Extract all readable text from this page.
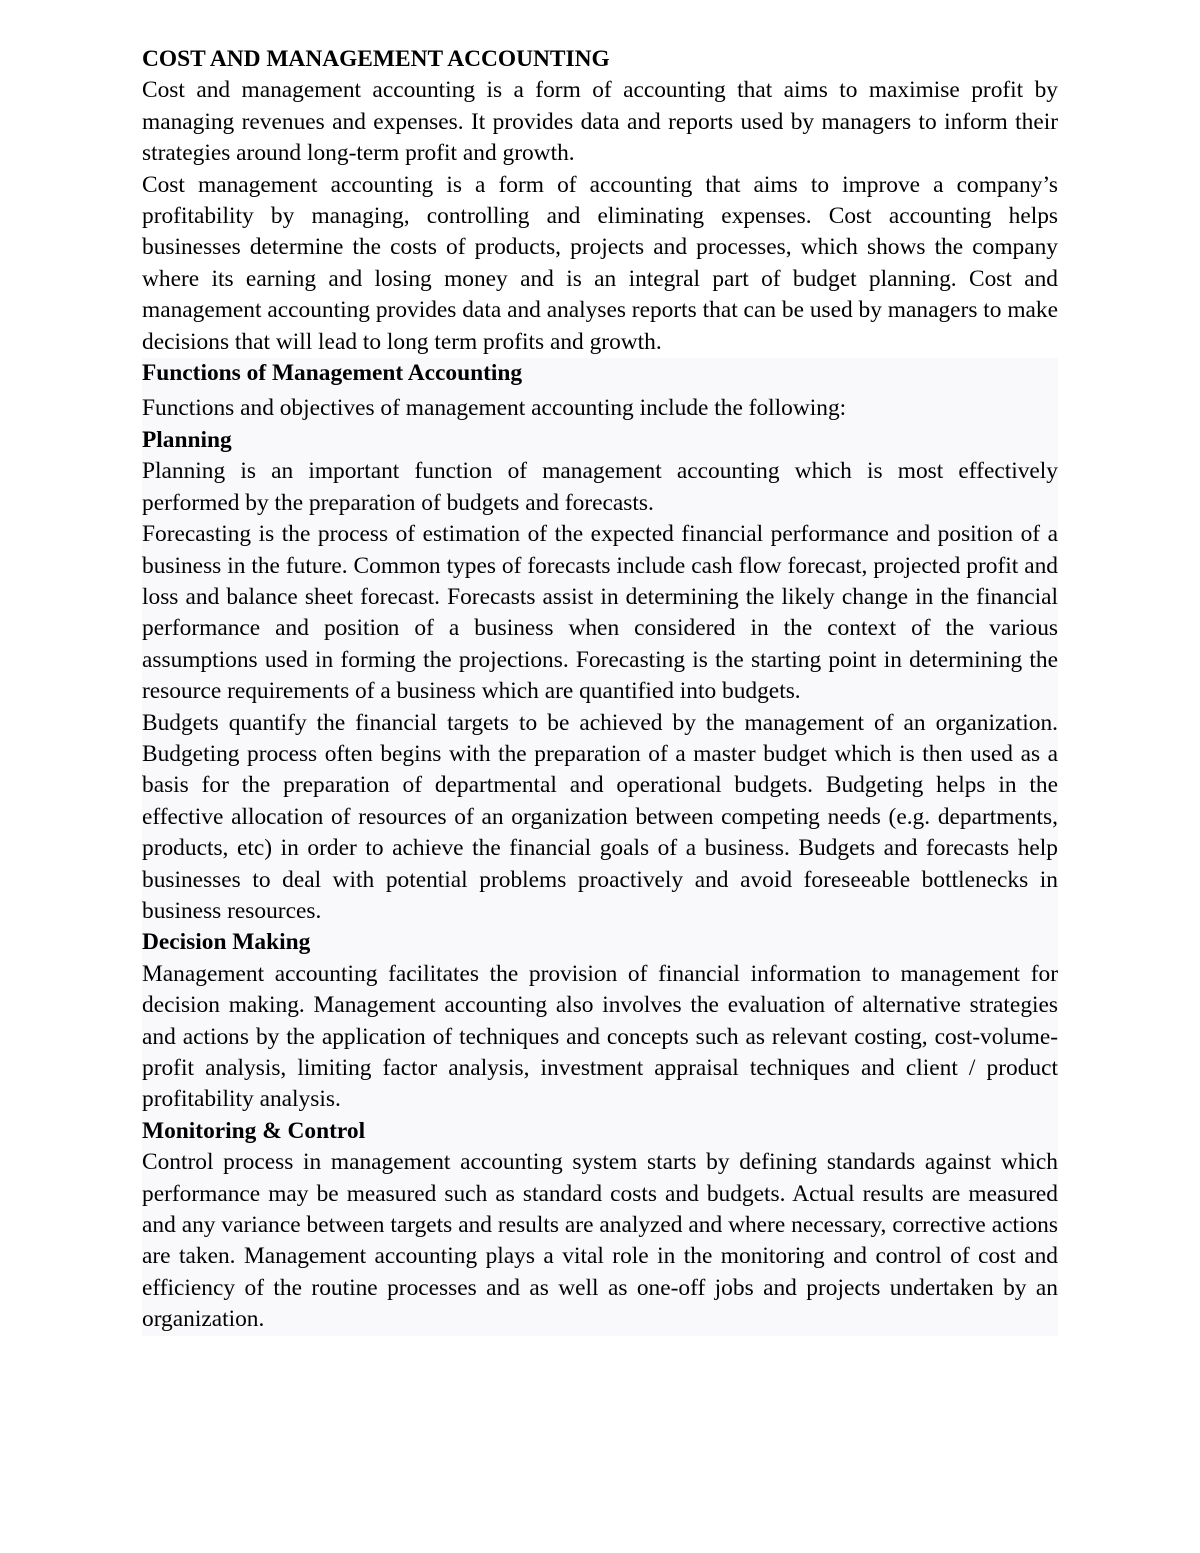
COST AND MANAGEMENT ACCOUNTING

Cost and management accounting is a form of accounting that aims to maximise profit by managing revenues and expenses. It provides data and reports used by managers to inform their strategies around long-term profit and growth.

Cost management accounting is a form of accounting that aims to improve a company’s profitability by managing, controlling and eliminating expenses. Cost accounting helps businesses determine the costs of products, projects and processes, which shows the company where its earning and losing money and is an integral part of budget planning. Cost and management accounting provides data and analyses reports that can be used by managers to make decisions that will lead to long term profits and growth.

Functions of Management Accounting

Functions and objectives of management accounting include the following:

Planning

Planning is an important function of management accounting which is most effectively performed by the preparation of budgets and forecasts.

Forecasting is the process of estimation of the expected financial performance and position of a business in the future. Common types of forecasts include cash flow forecast, projected profit and loss and balance sheet forecast. Forecasts assist in determining the likely change in the financial performance and position of a business when considered in the context of the various assumptions used in forming the projections. Forecasting is the starting point in determining the resource requirements of a business which are quantified into budgets.

Budgets quantify the financial targets to be achieved by the management of an organization. Budgeting process often begins with the preparation of a master budget which is then used as a basis for the preparation of departmental and operational budgets. Budgeting helps in the effective allocation of resources of an organization between competing needs (e.g. departments, products, etc) in order to achieve the financial goals of a business. Budgets and forecasts help businesses to deal with potential problems proactively and avoid foreseeable bottlenecks in business resources.

Decision Making

Management accounting facilitates the provision of financial information to management for decision making. Management accounting also involves the evaluation of alternative strategies and actions by the application of techniques and concepts such as relevant costing, cost-volume-profit analysis, limiting factor analysis, investment appraisal techniques and client / product profitability analysis.

Monitoring & Control

Control process in management accounting system starts by defining standards against which performance may be measured such as standard costs and budgets. Actual results are measured and any variance between targets and results are analyzed and where necessary, corrective actions are taken. Management accounting plays a vital role in the monitoring and control of cost and efficiency of the routine processes and as well as one-off jobs and projects undertaken by an organization.
